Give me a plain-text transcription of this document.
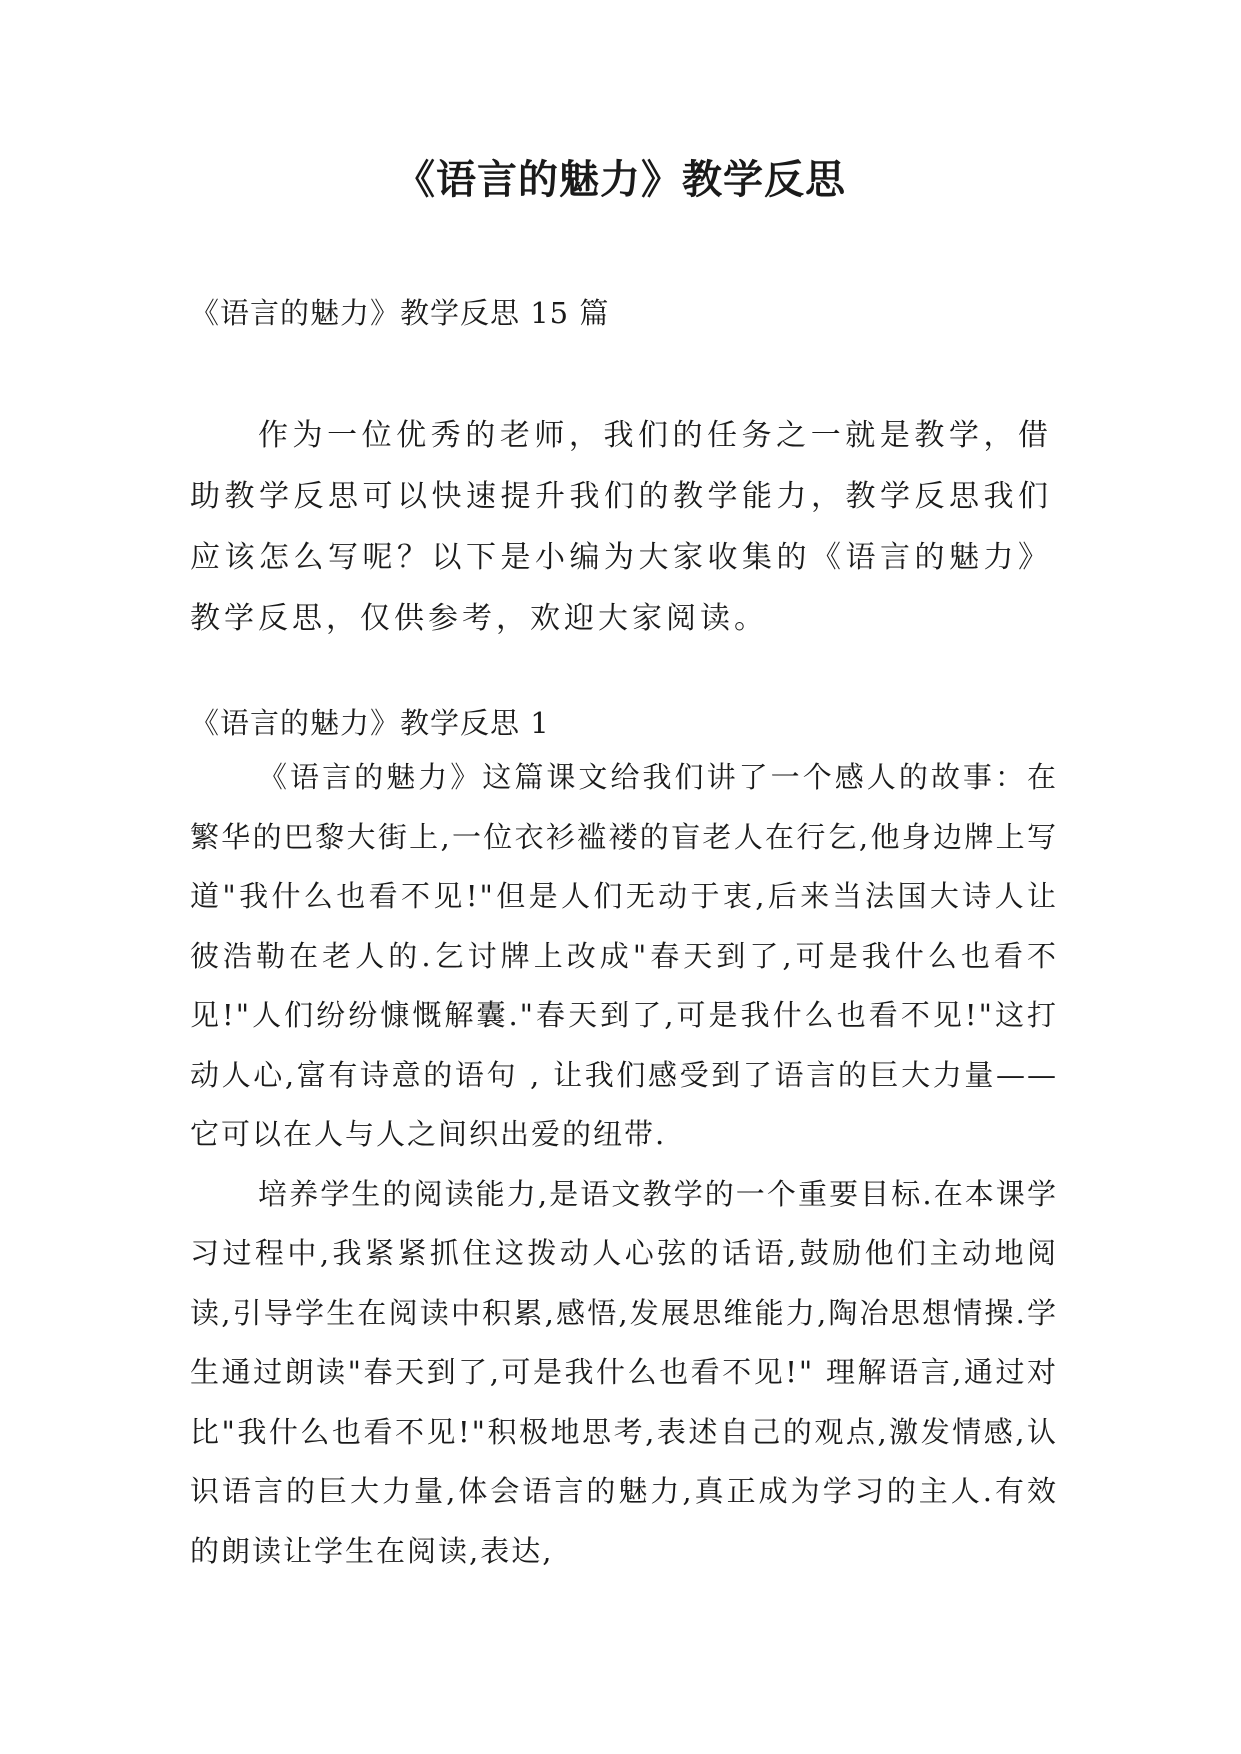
《语言的魅力》教学反思

《语言的魅力》教学反思 15 篇

作为一位优秀的老师，我们的任务之一就是教学，借助教学反思可以快速提升我们的教学能力，教学反思我们应该怎么写呢？以下是小编为大家收集的《语言的魅力》教学反思，仅供参考，欢迎大家阅读。

《语言的魅力》教学反思 1

《语言的魅力》这篇课文给我们讲了一个感人的故事：在繁华的巴黎大街上,一位衣衫褴褛的盲老人在行乞,他身边牌上写道"我什么也看不见!"但是人们无动于衷,后来当法国大诗人让 彼浩勒在老人的.乞讨牌上改成"春天到了,可是我什么也看不见!"人们纷纷慷慨解囊."春天到了,可是我什么也看不见!"这打动人心,富有诗意的语句 , 让我们感受到了语言的巨大力量——它可以在人与人之间织出爱的纽带.

培养学生的阅读能力,是语文教学的一个重要目标.在本课学习过程中,我紧紧抓住这拨动人心弦的话语,鼓励他们主动地阅读,引导学生在阅读中积累,感悟,发展思维能力,陶冶思想情操.学生通过朗读"春天到了,可是我什么也看不见!" 理解语言,通过对比"我什么也看不见!"积极地思考,表述自己的观点,激发情感,认识语言的巨大力量,体会语言的魅力,真正成为学习的主人.有效的朗读让学生在阅读,表达,
